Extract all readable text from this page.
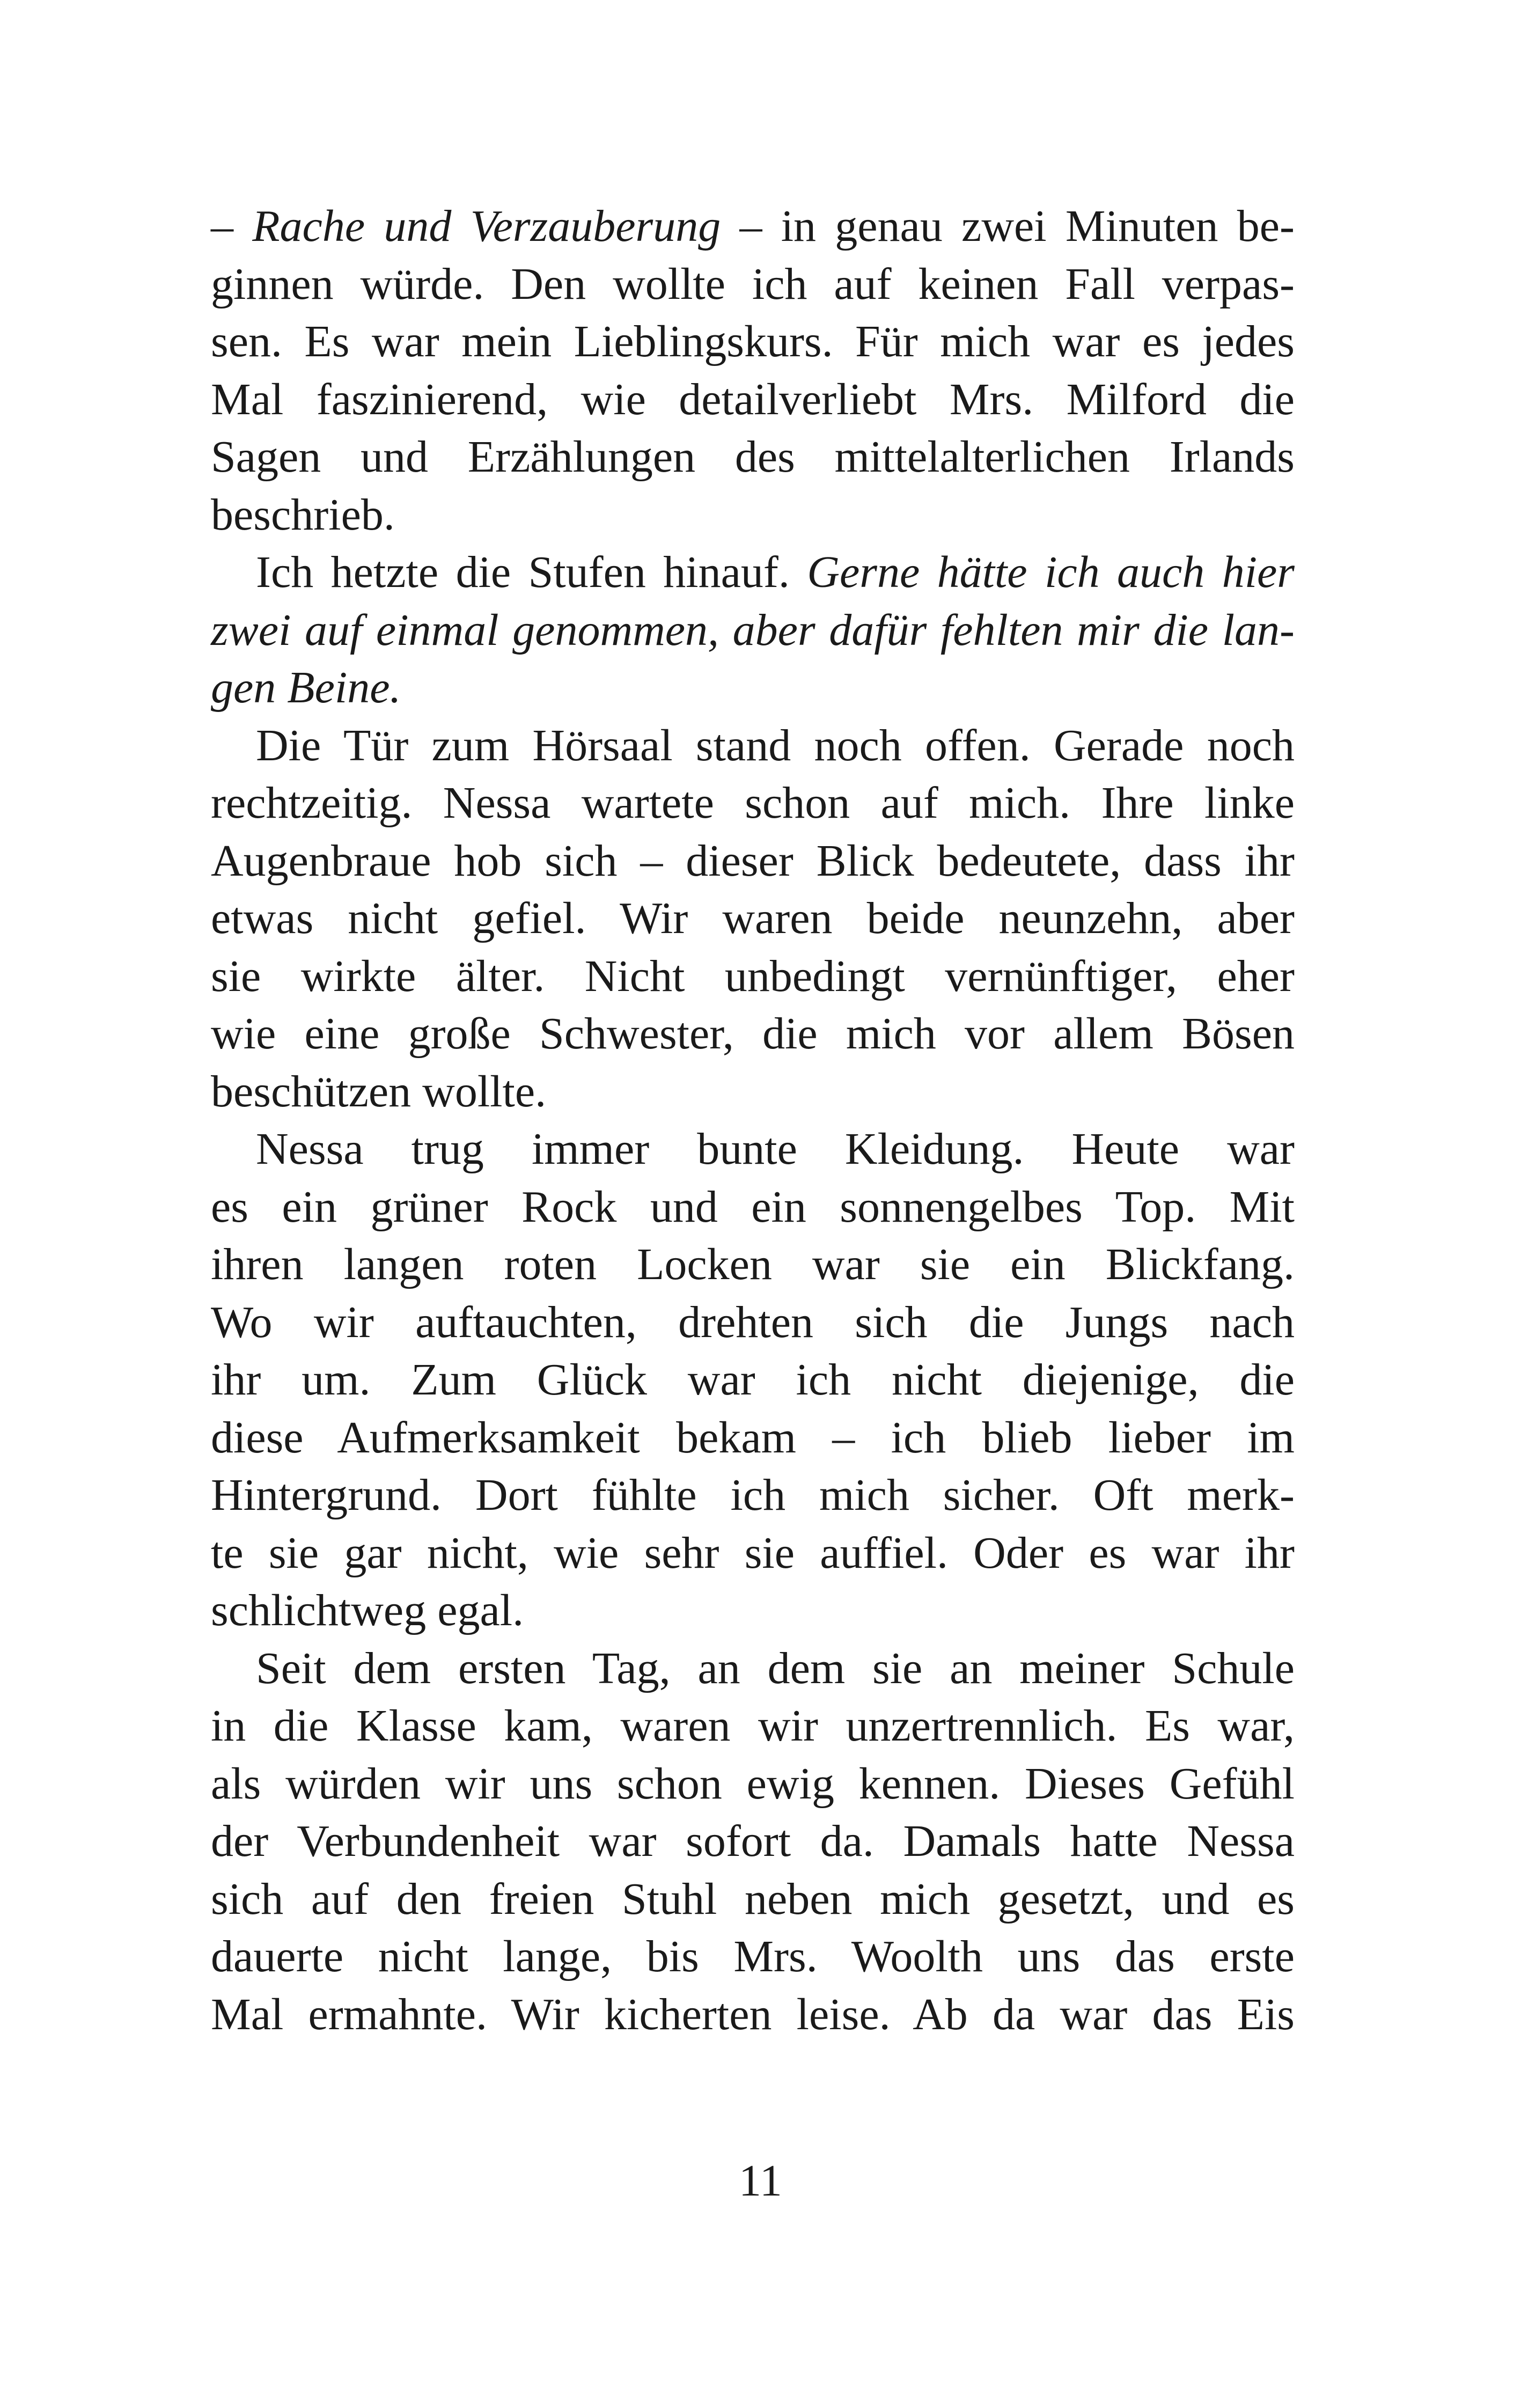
– Rache und Verzauberung – in genau zwei Minuten be-
ginnen würde. Den wollte ich auf keinen Fall verpas-
sen. Es war mein Lieblingskurs. Für mich war es jedes
Mal faszinierend, wie detailverliebt Mrs. Milford die
Sagen und Erzählungen des mittelalterlichen Irlands
beschrieb.
Ich hetzte die Stufen hinauf. Gerne hätte ich auch hier
zwei auf einmal genommen, aber dafür fehlten mir die lan-
gen Beine.
Die Tür zum Hörsaal stand noch offen. Gerade noch
rechtzeitig. Nessa wartete schon auf mich. Ihre linke
Augenbraue hob sich – dieser Blick bedeutete, dass ihr
etwas nicht gefiel. Wir waren beide neunzehn, aber
sie wirkte älter. Nicht unbedingt vernünftiger, eher
wie eine große Schwester, die mich vor allem Bösen
beschützen wollte.
Nessa trug immer bunte Kleidung. Heute war
es ein grüner Rock und ein sonnengelbes Top. Mit
ihren langen roten Locken war sie ein Blickfang.
Wo wir auftauchten, drehten sich die Jungs nach
ihr um. Zum Glück war ich nicht diejenige, die
diese Aufmerksamkeit bekam – ich blieb lieber im
Hintergrund. Dort fühlte ich mich sicher. Oft merk-
te sie gar nicht, wie sehr sie auffiel. Oder es war ihr
schlichtweg egal.
Seit dem ersten Tag, an dem sie an meiner Schule
in die Klasse kam, waren wir unzertrennlich. Es war,
als würden wir uns schon ewig kennen. Dieses Gefühl
der Verbundenheit war sofort da. Damals hatte Nessa
sich auf den freien Stuhl neben mich gesetzt, und es
dauerte nicht lange, bis Mrs. Woolth uns das erste
Mal ermahnte. Wir kicherten leise. Ab da war das Eis
11
